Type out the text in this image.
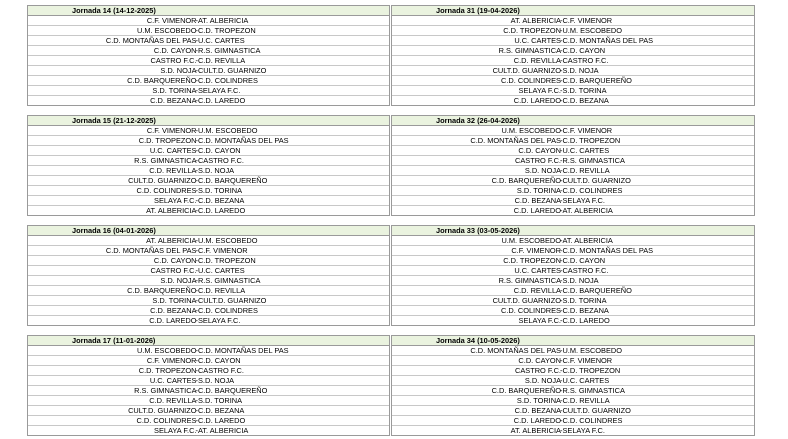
Jornada 14 (14-12-2025)
C.F. VIMENOR -AT. ALBERICIA
U.M. ESCOBEDO -C.D. TROPEZON
C.D. MONTAÑAS DEL PAS -U.C. CARTES
C.D. CAYON -R.S. GIMNASTICA
CASTRO F.C. -C.D. REVILLA
S.D. NOJA -CULT.D. GUARNIZO
C.D. BARQUEREÑO -C.D. COLINDRES
S.D. TORINA -SELAYA F.C.
C.D. BEZANA -C.D. LAREDO
Jornada 31 (19-04-2026)
AT. ALBERICIA -C.F. VIMENOR
C.D. TROPEZON -U.M. ESCOBEDO
U.C. CARTES -C.D. MONTAÑAS DEL PAS
R.S. GIMNASTICA -C.D. CAYON
C.D. REVILLA -CASTRO F.C.
CULT.D. GUARNIZO -S.D. NOJA
C.D. COLINDRES -C.D. BARQUEREÑO
SELAYA F.C. -S.D. TORINA
C.D. LAREDO -C.D. BEZANA
Jornada 15 (21-12-2025)
C.F. VIMENOR -U.M. ESCOBEDO
C.D. TROPEZON -C.D. MONTAÑAS DEL PAS
U.C. CARTES -C.D. CAYON
R.S. GIMNASTICA -CASTRO F.C.
C.D. REVILLA -S.D. NOJA
CULT.D. GUARNIZO -C.D. BARQUEREÑO
C.D. COLINDRES -S.D. TORINA
SELAYA F.C. -C.D. BEZANA
AT. ALBERICIA -C.D. LAREDO
Jornada 32 (26-04-2026)
U.M. ESCOBEDO -C.F. VIMENOR
C.D. MONTAÑAS DEL PAS -C.D. TROPEZON
C.D. CAYON -U.C. CARTES
CASTRO F.C. -R.S. GIMNASTICA
S.D. NOJA -C.D. REVILLA
C.D. BARQUEREÑO -CULT.D. GUARNIZO
S.D. TORINA -C.D. COLINDRES
C.D. BEZANA -SELAYA F.C.
C.D. LAREDO -AT. ALBERICIA
Jornada 16 (04-01-2026)
AT. ALBERICIA -U.M. ESCOBEDO
C.D. MONTAÑAS DEL PAS -C.F. VIMENOR
C.D. CAYON -C.D. TROPEZON
CASTRO F.C. -U.C. CARTES
S.D. NOJA -R.S. GIMNASTICA
C.D. BARQUEREÑO -C.D. REVILLA
S.D. TORINA -CULT.D. GUARNIZO
C.D. BEZANA -C.D. COLINDRES
C.D. LAREDO -SELAYA F.C.
Jornada 33 (03-05-2026)
U.M. ESCOBEDO -AT. ALBERICIA
C.F. VIMENOR -C.D. MONTAÑAS DEL PAS
C.D. TROPEZON -C.D. CAYON
U.C. CARTES -CASTRO F.C.
R.S. GIMNASTICA -S.D. NOJA
C.D. REVILLA -C.D. BARQUEREÑO
CULT.D. GUARNIZO -S.D. TORINA
C.D. COLINDRES -C.D. BEZANA
SELAYA F.C. -C.D. LAREDO
Jornada 17 (11-01-2026)
U.M. ESCOBEDO -C.D. MONTAÑAS DEL PAS
C.F. VIMENOR -C.D. CAYON
C.D. TROPEZON -CASTRO F.C.
U.C. CARTES -S.D. NOJA
R.S. GIMNASTICA -C.D. BARQUEREÑO
C.D. REVILLA -S.D. TORINA
CULT.D. GUARNIZO -C.D. BEZANA
C.D. COLINDRES -C.D. LAREDO
SELAYA F.C. -AT. ALBERICIA
Jornada 34 (10-05-2026)
C.D. MONTAÑAS DEL PAS -U.M. ESCOBEDO
C.D. CAYON -C.F. VIMENOR
CASTRO F.C. -C.D. TROPEZON
S.D. NOJA -U.C. CARTES
C.D. BARQUEREÑO -R.S. GIMNASTICA
S.D. TORINA -C.D. REVILLA
C.D. BEZANA -CULT.D. GUARNIZO
C.D. LAREDO -C.D. COLINDRES
AT. ALBERICIA -SELAYA F.C.
